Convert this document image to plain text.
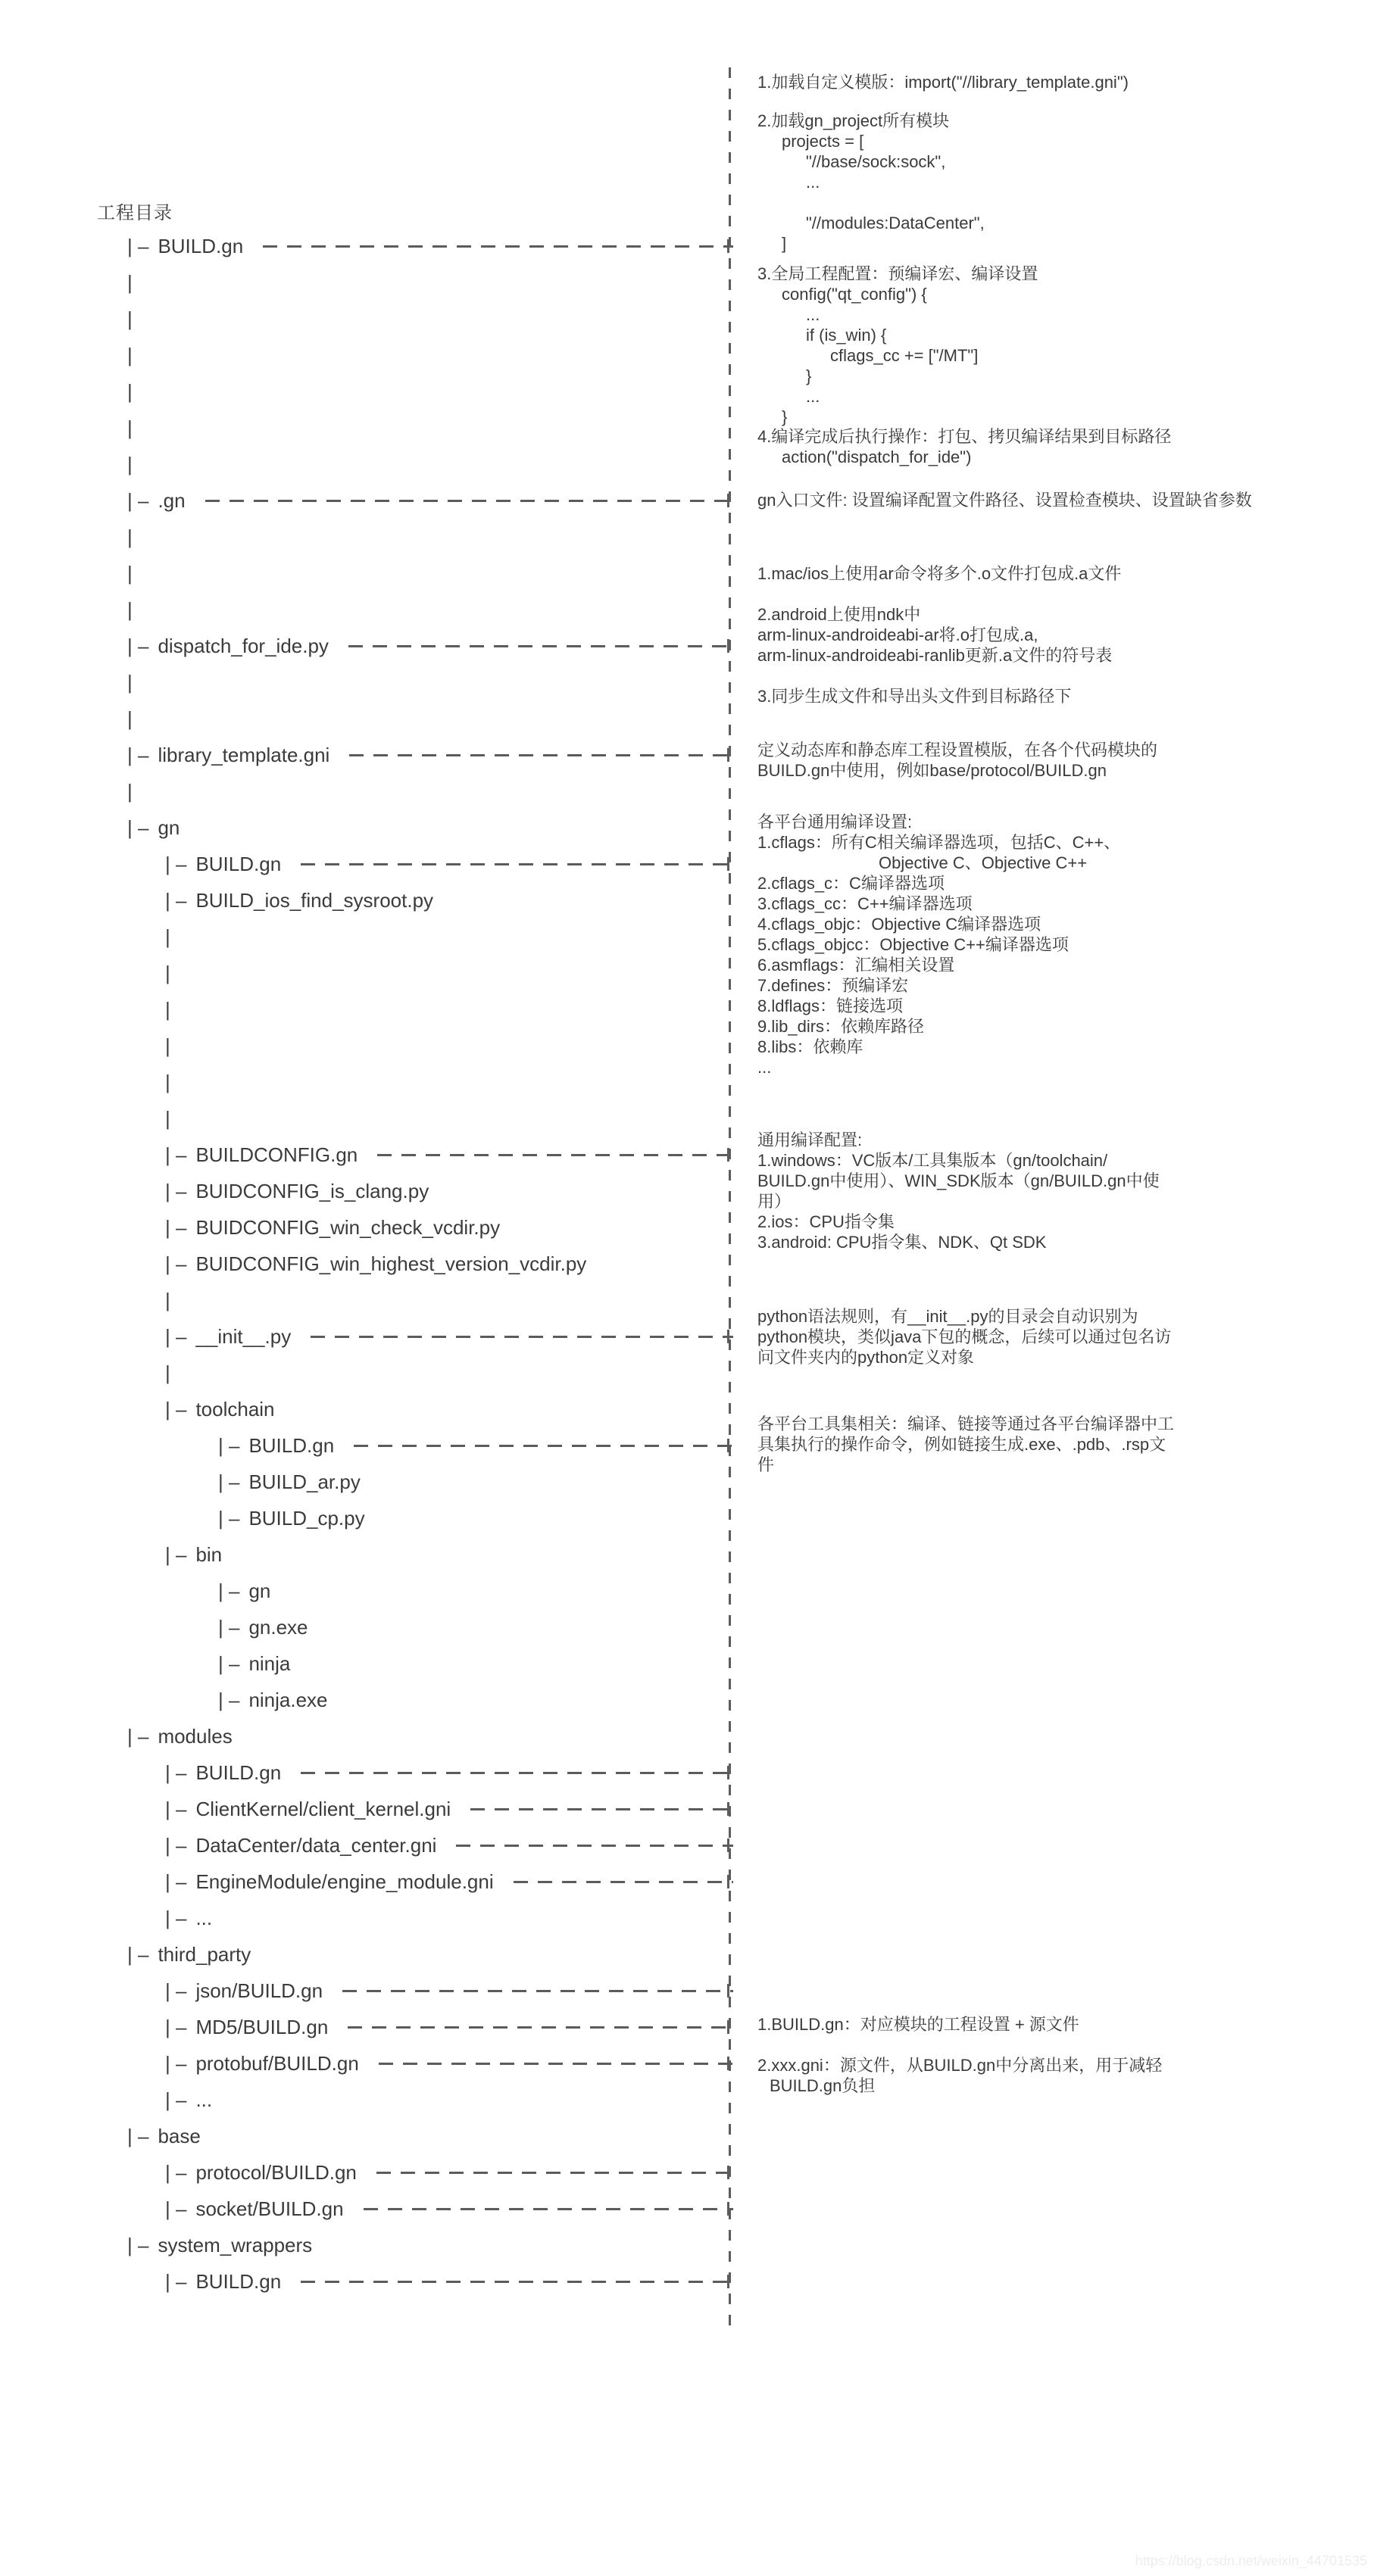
工程目录
| – BUILD.gn
|
|
|
|
|
|
| – .gn
|
|
|
| – dispatch_for_ide.py
|
|
| – library_template.gni
|
| – gn
| – BUILD.gn
| – BUILD_ios_find_sysroot.py
|
|
|
|
|
|
| – BUILDCONFIG.gn
| – BUIDCONFIG_is_clang.py
| – BUIDCONFIG_win_check_vcdir.py
| – BUIDCONFIG_win_highest_version_vcdir.py
|
| – __init__.py
|
| – toolchain
| – BUILD.gn
| – BUILD_ar.py
| – BUILD_cp.py
| – bin
| – gn
| – gn.exe
| – ninja
| – ninja.exe
| – modules
| – BUILD.gn
| – ClientKernel/client_kernel.gni
| – DataCenter/data_center.gni
| – EngineModule/engine_module.gni
| – ...
| – third_party
| – json/BUILD.gn
| – MD5/BUILD.gn
| – protobuf/BUILD.gn
| – ...
| – base
| – protocol/BUILD.gn
| – socket/BUILD.gn
| – system_wrappers
| – BUILD.gn
1.加载自定义模版：import("//library_template.gni")
2.加载gn_project所有模块
projects = [
"//base/sock:sock",
...
"//modules:DataCenter",
]
3.全局工程配置：预编译宏、编译设置
config("qt_config") {
...
if (is_win) {
cflags_cc += ["/MT"]
}
...
}
4.编译完成后执行操作：打包、拷贝编译结果到目标路径
action("dispatch_for_ide")
gn入口文件: 设置编译配置文件路径、设置检查模块、设置缺省参数
1.mac/ios上使用ar命令将多个.o文件打包成.a文件
2.android上使用ndk中
arm-linux-androideabi-ar将.o打包成.a,
arm-linux-androideabi-ranlib更新.a文件的符号表
3.同步生成文件和导出头文件到目标路径下
定义动态库和静态库工程设置模版，在各个代码模块的
BUILD.gn中使用，例如base/protocol/BUILD.gn
各平台通用编译设置:
1.cflags：所有C相关编译器选项，包括C、C++、
Objective C、Objective C++
2.cflags_c：C编译器选项
3.cflags_cc：C++编译器选项
4.cflags_objc：Objective C编译器选项
5.cflags_objcc：Objective C++编译器选项
6.asmflags：汇编相关设置
7.defines：预编译宏
8.ldflags：链接选项
9.lib_dirs：依赖库路径
8.libs：依赖库
...
通用编译配置:
1.windows：VC版本/工具集版本（gn/toolchain/
BUILD.gn中使用）、WIN_SDK版本（gn/BUILD.gn中使
用）
2.ios：CPU指令集
3.android: CPU指令集、NDK、Qt SDK
python语法规则，有__init__.py的目录会自动识别为
python模块，类似java下包的概念，后续可以通过包名访
问文件夹内的python定义对象
各平台工具集相关：编译、链接等通过各平台编译器中工
具集执行的操作命令，例如链接生成.exe、.pdb、.rsp文
件
1.BUILD.gn：对应模块的工程设置 + 源文件
2.xxx.gni：源文件，从BUILD.gn中分离出来，用于减轻
BUILD.gn负担
https://blog.csdn.net/weixin_44701535
